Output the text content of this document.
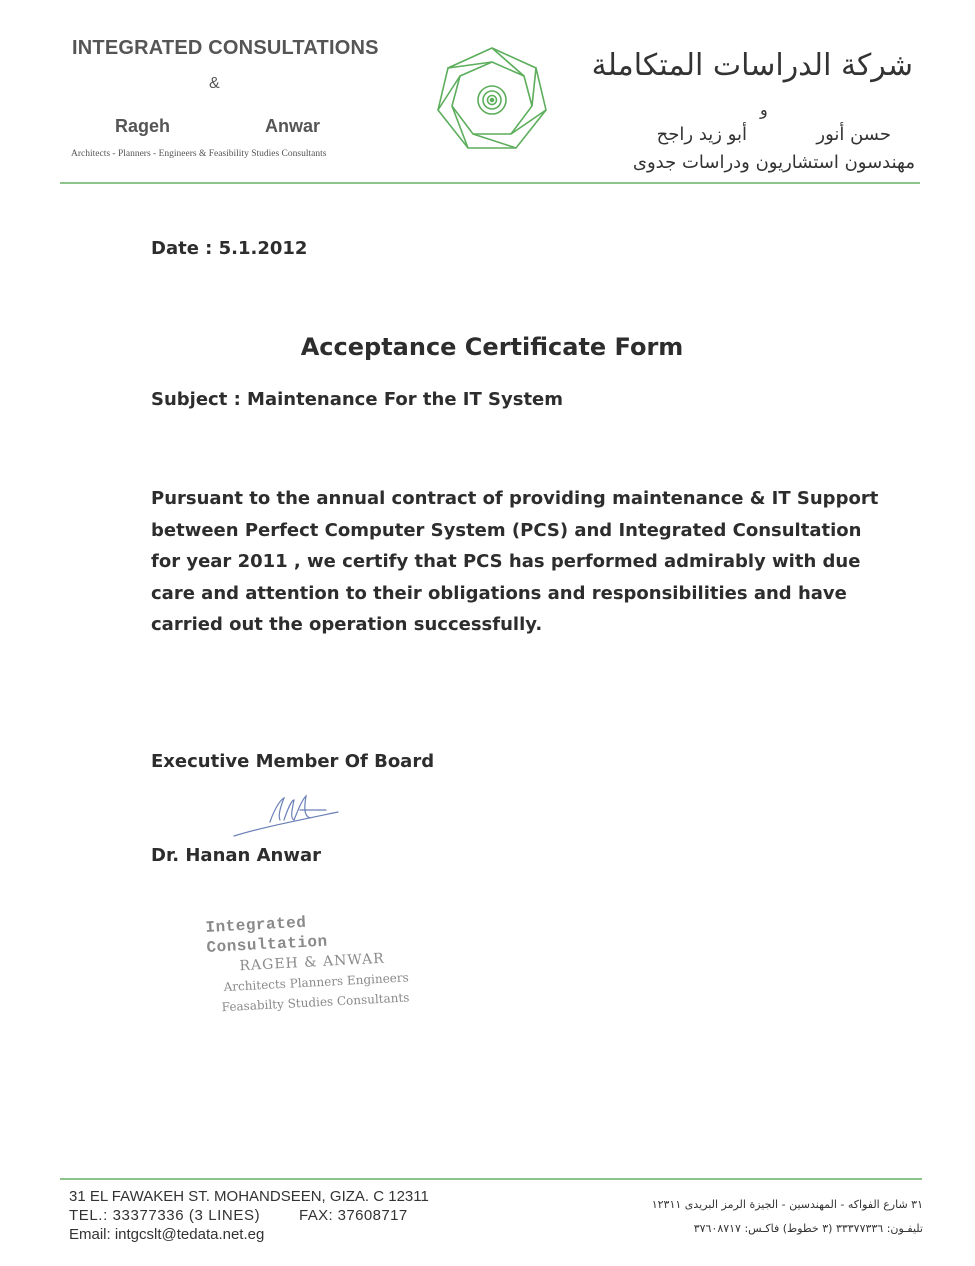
INTEGRATED CONSULTATIONS
&
Rageh	Anwar
Architects - Planners - Engineers & Feasibility Studies Consultants
شركة الدراسات المتكاملة
و
حسن أنور
أبو زيد راجح
مهندسون استشاريون ودراسات جدوى
Date : 5.1.2012
Acceptance Certificate Form
Subject : Maintenance For the IT System
Pursuant to the annual contract of providing maintenance & IT Support
between Perfect Computer System (PCS) and Integrated Consultation
for year 2011 , we certify that PCS has performed admirably with due
care and attention to their obligations and responsibilities and have
carried out the operation successfully.
Executive Member Of Board
Dr. Hanan Anwar
Integrated Consultation
RAGEH & ANWAR
Architects Planners Engineers
Feasabilty Studies Consultants
31 EL FAWAKEH ST. MOHANDSEEN, GIZA. C 12311
TEL.: 33377336 (3 LINES)	FAX: 37608717
Email: intgcslt@tedata.net.eg
٣١ شارع الفواكه - المهندسين - الجيزة الرمز البريدى ١٢٣١١
تليفـون: ٣٣٣٧٧٣٣٦ (٣ خطوط) فاكـس: ٣٧٦٠٨٧١٧
